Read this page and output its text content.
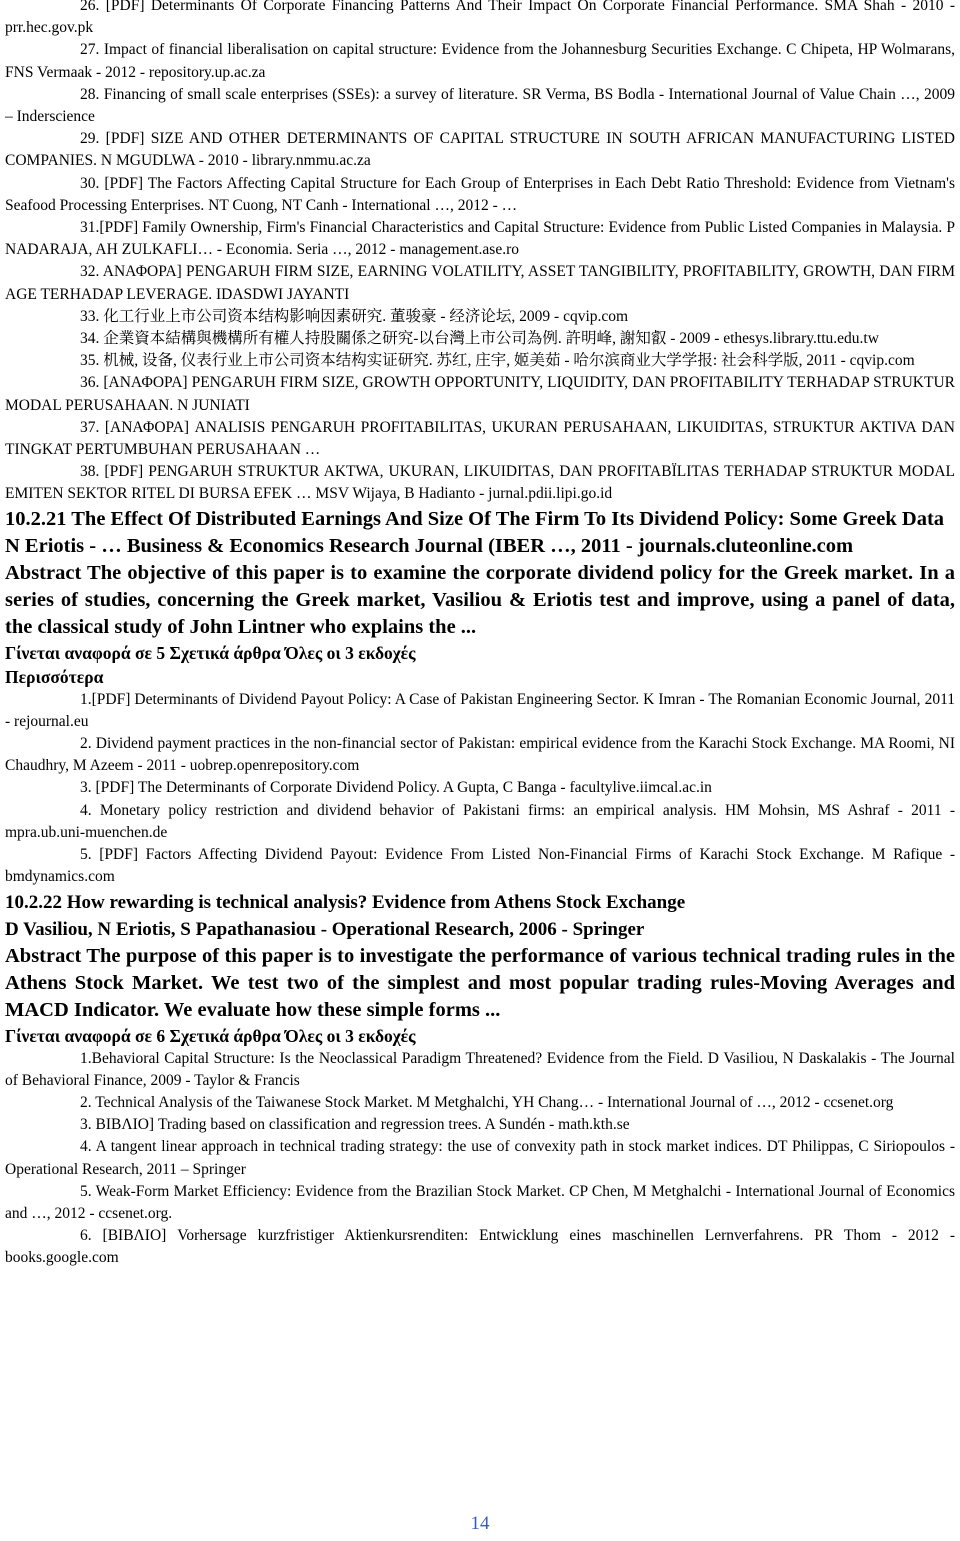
26. [PDF] Determinants Of Corporate Financing Patterns And Their Impact On Corporate Financial Performance. SMA Shah - 2010 - prr.hec.gov.pk

27. Impact of financial liberalisation on capital structure: Evidence from the Johannesburg Securities Exchange. C Chipeta, HP Wolmarans, FNS Vermaak - 2012 - repository.up.ac.za

28. Financing of small scale enterprises (SSEs): a survey of literature. SR Verma, BS Bodla - International Journal of Value Chain …, 2009 – Inderscience

29. [PDF] SIZE AND OTHER DETERMINANTS OF CAPITAL STRUCTURE IN SOUTH AFRICAN MANUFACTURING LISTED COMPANIES. N MGUDLWA - 2010 - library.nmmu.ac.za

30. [PDF] The Factors Affecting Capital Structure for Each Group of Enterprises in Each Debt Ratio Threshold: Evidence from Vietnam's Seafood Processing Enterprises. NT Cuong, NT Canh - International …, 2012 - …

31.[PDF] Family Ownership, Firm's Financial Characteristics and Capital Structure: Evidence from Public Listed Companies in Malaysia. P NADARAJA, AH ZULKAFLI… - Economia. Seria …, 2012 - management.ase.ro

32. ΑΝΑΦΟΡΑ] PENGARUH FIRM SIZE, EARNING VOLATILITY, ASSET TANGIBILITY, PROFITABILITY, GROWTH, DAN FIRM AGE TERHADAP LEVERAGE. IDASDWI JAYANTI

33. 化工行业上市公司资本结构影响因素研究. 董骏豪 - 经济论坛, 2009 - cqvip.com

34. 企業資本結構與機構所有權人持股關係之研究-以台灣上市公司為例. 許明峰, 謝知叡 - 2009 - ethesys.library.ttu.edu.tw

35. 机械, 设备, 仪表行业上市公司资本结构实证研究. 苏红, 庄宇, 姬美茹 - 哈尔滨商业大学学报: 社会科学版, 2011 - cqvip.com

36. [ΑΝΑΦΟΡΑ] PENGARUH FIRM SIZE, GROWTH OPPORTUNITY, LIQUIDITY, DAN PROFITABILITY TERHADAP STRUKTUR MODAL PERUSAHAAN. N JUNIATI

37. [ΑΝΑΦΟΡΑ] ANALISIS PENGARUH PROFITABILITAS, UKURAN PERUSAHAAN, LIKUIDITAS, STRUKTUR AKTIVA DAN TINGKAT PERTUMBUHAN PERUSAHAAN …

38. [PDF] PENGARUH STRUKTUR AKTWA, UKURAN, LIKUIDITAS, DAN PROFITABÏLITAS TERHADAP STRUKTUR MODAL EMITEN SEKTOR RITEL DI BURSA EFEK … MSV Wijaya, B Hadianto - jurnal.pdii.lipi.go.id

10.2.21 The Effect Of Distributed Earnings And Size Of The Firm To Its Dividend Policy: Some Greek Data

N Eriotis - … Business & Economics Research Journal (IBER …, 2011 - journals.cluteonline.com

Abstract The objective of this paper is to examine the corporate dividend policy for the Greek market. In a series of studies, concerning the Greek market, Vasiliou & Eriotis test and improve, using a panel of data, the classical study of John Lintner who explains the ...

Γίνεται αναφορά σε 5 Σχετικά άρθρα Όλες οι 3 εκδοχές

Περισσότερα

1.[PDF] Determinants of Dividend Payout Policy: A Case of Pakistan Engineering Sector. K Imran - The Romanian Economic Journal, 2011 - rejournal.eu

2. Dividend payment practices in the non-financial sector of Pakistan: empirical evidence from the Karachi Stock Exchange. MA Roomi, NI Chaudhry, M Azeem - 2011 - uobrep.openrepository.com

3. [PDF] The Determinants of Corporate Dividend Policy. A Gupta, C Banga - facultylive.iimcal.ac.in

4. Monetary policy restriction and dividend behavior of Pakistani firms: an empirical analysis. HM Mohsin, MS Ashraf - 2011 - mpra.ub.uni-muenchen.de

5. [PDF] Factors Affecting Dividend Payout: Evidence From Listed Non-Financial Firms of Karachi Stock Exchange. M Rafique - bmdynamics.com

10.2.22 How rewarding is technical analysis? Evidence from Athens Stock Exchange

D Vasiliou, N Eriotis, S Papathanasiou - Operational Research, 2006 - Springer

Abstract The purpose of this paper is to investigate the performance of various technical trading rules in the Athens Stock Market. We test two of the simplest and most popular trading rules-Moving Averages and MACD Indicator. We evaluate how these simple forms ...

Γίνεται αναφορά σε 6 Σχετικά άρθρα Όλες οι 3 εκδοχές

1.Behavioral Capital Structure: Is the Neoclassical Paradigm Threatened? Evidence from the Field. D Vasiliou, N Daskalakis - The Journal of Behavioral Finance, 2009 - Taylor & Francis

2. Technical Analysis of the Taiwanese Stock Market. M Metghalchi, YH Chang… - International Journal of …, 2012 - ccsenet.org

3. ΒΙΒΛΙΟ] Trading based on classification and regression trees. A Sundén - math.kth.se

4. A tangent linear approach in technical trading strategy: the use of convexity path in stock market indices. DT Philippas, C Siriopoulos - Operational Research, 2011 – Springer

5. Weak-Form Market Efficiency: Evidence from the Brazilian Stock Market. CP Chen, M Metghalchi - International Journal of Economics and …, 2012 - ccsenet.org.

6. [ΒΙΒΛΙΟ] Vorhersage kurzfristiger Aktienkursrenditen: Entwicklung eines maschinellen Lernverfahrens. PR Thom - 2012 - books.google.com

14
